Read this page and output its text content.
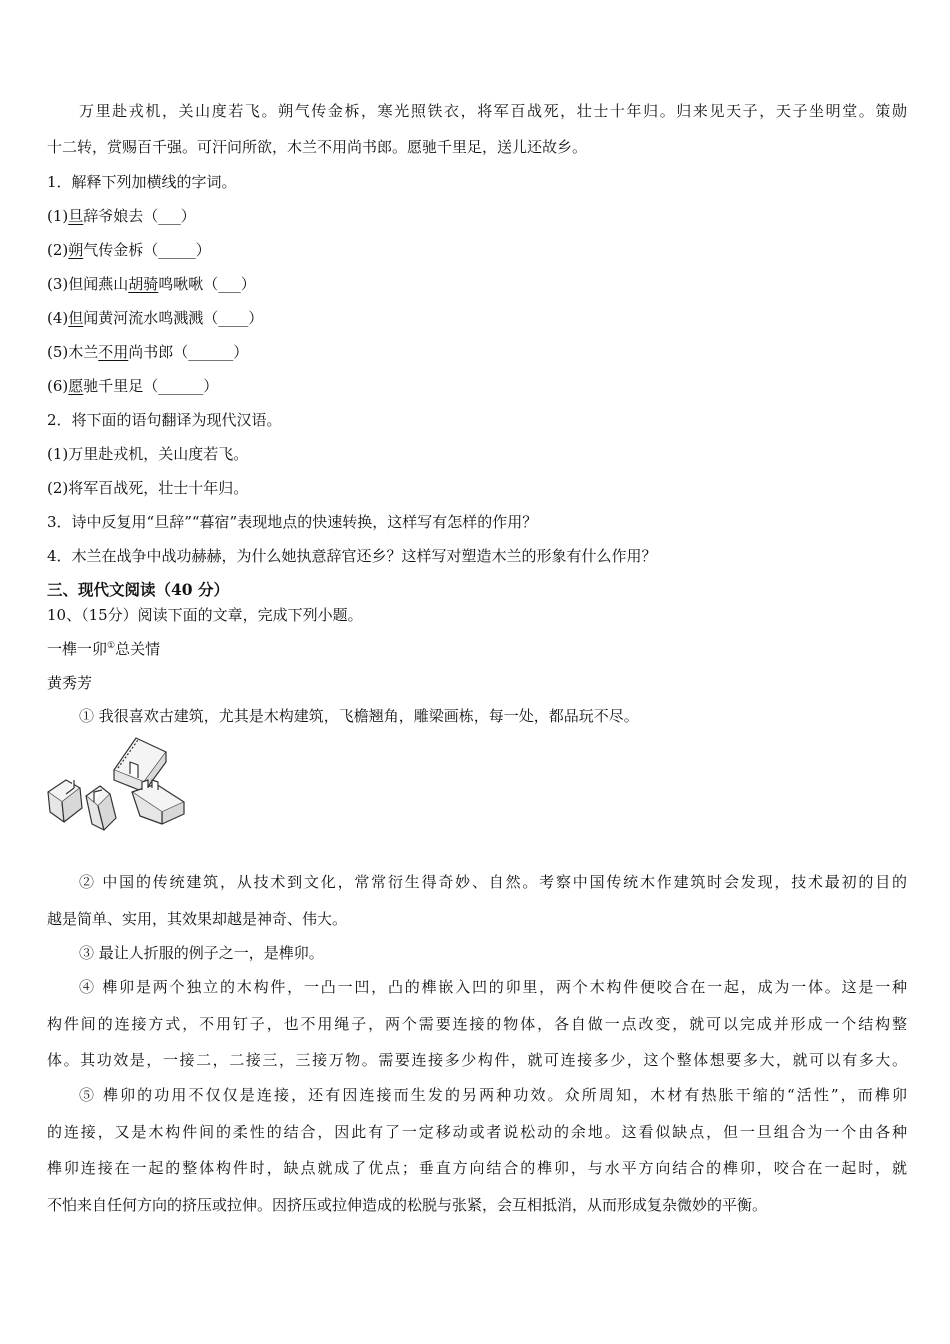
万里赴戎机，关山度若飞。朔气传金柝，寒光照铁衣，将军百战死，壮士十年归。归来见天子，天子坐明堂。策勋
十二转，赏赐百千强。可汗问所欲，木兰不用尚书郎。愿驰千里足，送儿还故乡。
1．解释下列加横线的字词。
(1)旦辞爷娘去（___）
(2)朔气传金柝（_____）
(3)但闻燕山胡骑鸣啾啾（___）
(4)但闻黄河流水鸣溅溅（____）
(5)木兰不用尚书郎（______）
(6)愿驰千里足（______）
2．将下面的语句翻译为现代汉语。
(1)万里赴戎机，关山度若飞。
(2)将军百战死，壮士十年归。
3．诗中反复用“旦辞”“暮宿”表现地点的快速转换，这样写有怎样的作用？
4．木兰在战争中战功赫赫，为什么她执意辞官还乡？这样写对塑造木兰的形象有什么作用？
三、现代文阅读（40 分）
10、（15分）阅读下面的文章，完成下列小题。
一榫一卯①总关情
黄秀芳
① 我很喜欢古建筑，尤其是木构建筑，飞檐翘角，雕梁画栋，每一处，都品玩不尽。
② 中国的传统建筑，从技术到文化，常常衍生得奇妙、自然。考察中国传统木作建筑时会发现，技术最初的目的
越是简单、实用，其效果却越是神奇、伟大。
③ 最让人折服的例子之一，是榫卯。
④ 榫卯是两个独立的木构件，一凸一凹，凸的榫嵌入凹的卯里，两个木构件便咬合在一起，成为一体。这是一种
构件间的连接方式，不用钉子，也不用绳子，两个需要连接的物体，各自做一点改变，就可以完成并形成一个结构整
体。其功效是，一接二，二接三，三接万物。需要连接多少构件，就可连接多少，这个整体想要多大，就可以有多大。
⑤ 榫卯的功用不仅仅是连接，还有因连接而生发的另两种功效。众所周知，木材有热胀干缩的“活性”，而榫卯
的连接，又是木构件间的柔性的结合，因此有了一定移动或者说松动的余地。这看似缺点，但一旦组合为一个由各种
榫卯连接在一起的整体构件时，缺点就成了优点；垂直方向结合的榫卯，与水平方向结合的榫卯，咬合在一起时，就
不怕来自任何方向的挤压或拉伸。因挤压或拉伸造成的松脱与张紧，会互相抵消，从而形成复杂微妙的平衡。
